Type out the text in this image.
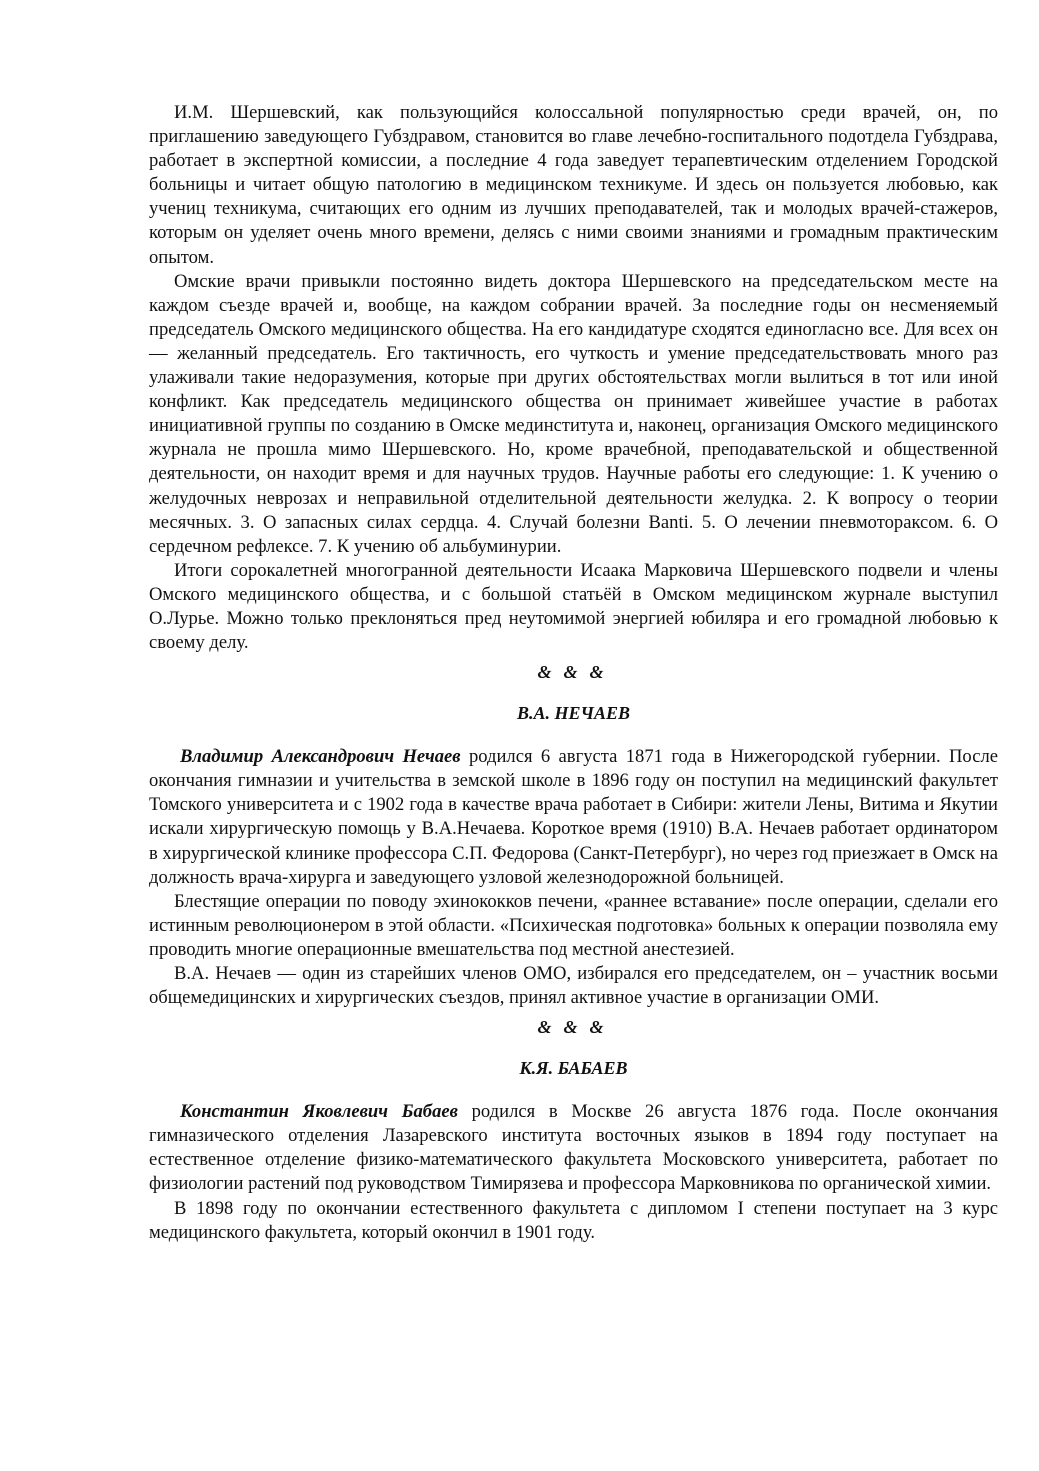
И.М. Шершевский, как пользующийся колоссальной популярностью среди врачей, он, по приглашению заведующего Губздравом, становится во главе лечебно-госпитального подотдела Губздрава, работает в экспертной комиссии, а последние 4 года заведует терапевтическим отделением Городской больницы и читает общую патологию в медицинском техникуме. И здесь он пользуется любовью, как учениц техникума, считающих его одним из лучших преподавателей, так и молодых врачей-стажеров, которым он уделяет очень много времени, делясь с ними своими знаниями и громадным практическим опытом.

Омские врачи привыкли постоянно видеть доктора Шершевского на председательском месте на каждом съезде врачей и, вообще, на каждом собрании врачей. За последние годы он несменяемый председатель Омского медицинского общества. На его кандидатуре сходятся единогласно все. Для всех он — желанный председатель. Его тактичность, его чуткость и умение председательствовать много раз улаживали такие недоразумения, которые при других обстоятельствах могли вылиться в тот или иной конфликт. Как председатель медицинского общества он принимает живейшее участие в работах инициативной группы по созданию в Омске мединститута и, наконец, организация Омского медицинского журнала не прошла мимо Шершевского. Но, кроме врачебной, преподавательской и общественной деятельности, он находит время и для научных трудов. Научные работы его следующие: 1. К учению о желудочных неврозах и неправильной отделительной деятельности желудка. 2. К вопросу о теории месячных. 3. О запасных силах сердца. 4. Случай болезни Banti. 5. О лечении пневмотораксом. 6. О сердечном рефлексе. 7. К учению об альбуминурии.

Итоги сорокалетней многогранной деятельности Исаака Марковича Шершевского подвели и члены Омского медицинского общества, и с большой статьёй в Омском медицинском журнале выступил О.Лурье. Можно только преклоняться пред неутомимой энергией юбиляра и его громадной любовью к своему делу.

& & &
В.А. НЕЧАЕВ

Владимир Александрович Нечаев родился 6 августа 1871 года в Нижегородской губернии. После окончания гимназии и учительства в земской школе в 1896 году он поступил на медицинский факультет Томского университета и с 1902 года в качестве врача работает в Сибири: жители Лены, Витима и Якутии искали хирургическую помощь у В.А.Нечаева. Короткое время (1910) В.А. Нечаев работает ординатором в хирургической клинике профессора С.П. Федорова (Санкт-Петербург), но через год приезжает в Омск на должность врача-хирурга и заведующего узловой железнодорожной больницей.

Блестящие операции по поводу эхинококков печени, «раннее вставание» после операции, сделали его истинным революционером в этой области. «Психическая подготовка» больных к операции позволяла ему проводить многие операционные вмешательства под местной анестезией.

В.А. Нечаев — один из старейших членов ОМО, избирался его председателем, он – участник восьми общемедицинских и хирургических съездов, принял активное участие в организации ОМИ.

& & &
К.Я. БАБАЕВ

Константин Яковлевич Бабаев родился в Москве 26 августа 1876 года. После окончания гимназического отделения Лазаревского института восточных языков в 1894 году поступает на естественное отделение физико-математического факультета Московского университета, работает по физиологии растений под руководством Тимирязева и профессора Марковникова по органической химии.

В 1898 году по окончании естественного факультета с дипломом I степени поступает на 3 курс медицинского факультета, который окончил в 1901 году.
